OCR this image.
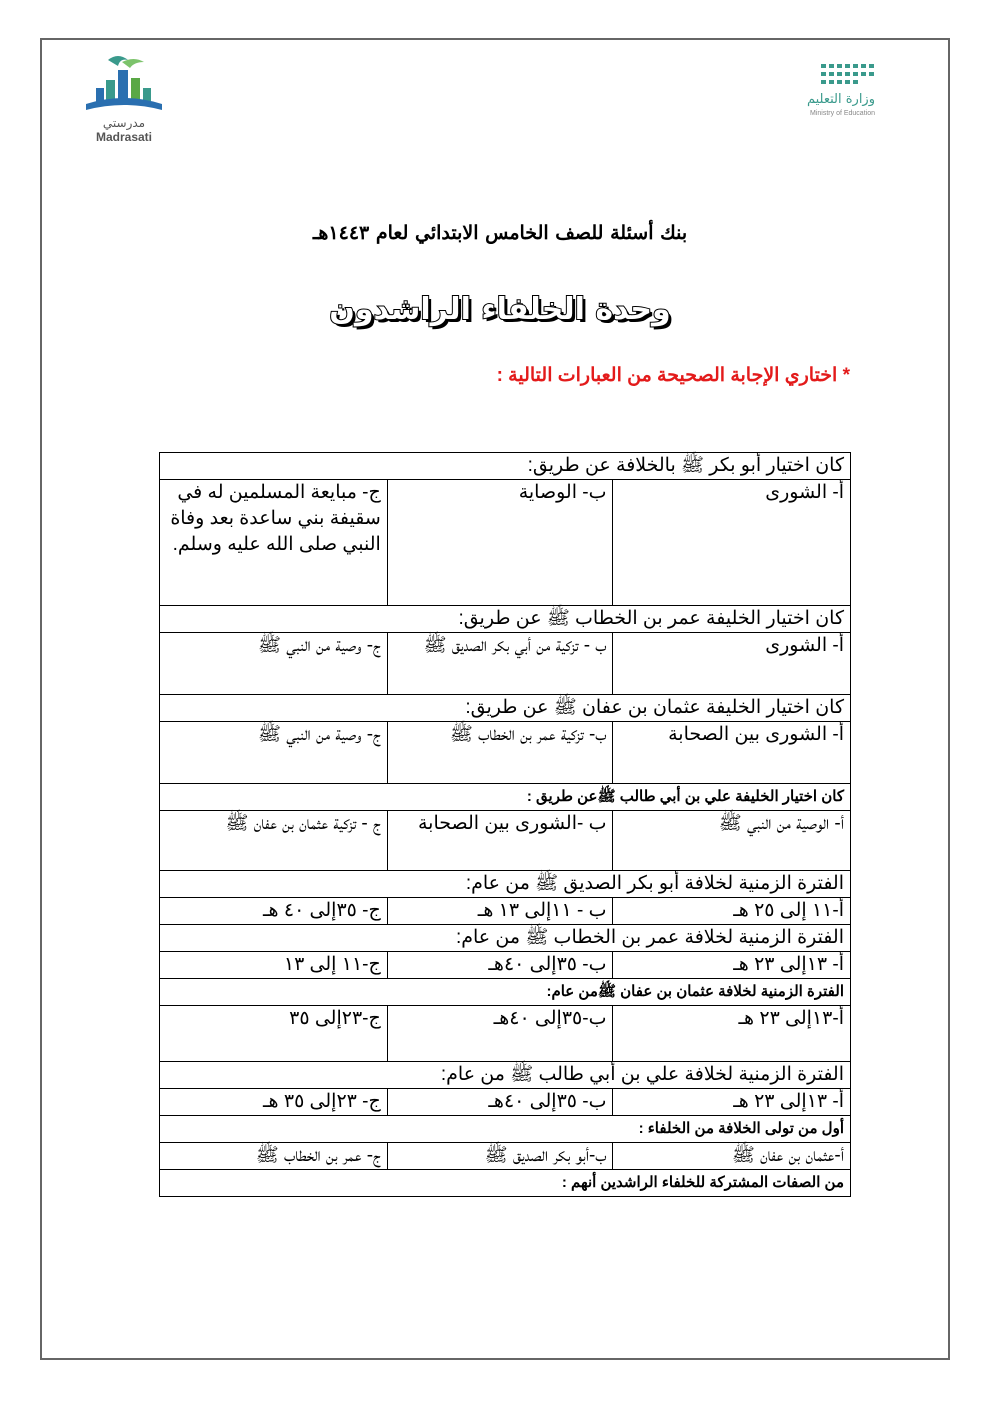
مدرستي
Madrasati
وزارة التعليم
Ministry of Education
بنك أسئلة للصف الخامس الابتدائي لعام ١٤٤٣هـ
وحدة الخلفاء الراشدون
* اختاري الإجابة الصحيحة من العبارات التالية :
كان اختيار أبو بكر ﷺ بالخلافة عن طريق:		
أ- الشورى	ب- الوصاية	ج- مبايعة المسلمين له في سقيفة بني ساعدة بعد وفاة النبي صلى الله عليه وسلم.
كان اختيار الخليفة عمر بن الخطاب ﷺ عن طريق:		
أ- الشورى	ب - تزكية من أبي بكر الصديق ﷺ	ج- وصية من النبي ﷺ
كان اختيار الخليفة عثمان بن عفان ﷺ عن طريق:		
أ- الشورى بين الصحابة	ب- تزكية عمر بن الخطاب ﷺ	ج- وصية من النبي ﷺ
كان اختيار الخليفة علي بن أبي طالب ﷺعن طريق :		
أ- الوصية من النبي ﷺ	ب -الشورى بين الصحابة	ج - تزكية عثمان بن عفان ﷺ
الفترة الزمنية لخلافة أبو بكر الصديق ﷺ من عام:		
أ-١١ إلى ٢٥ هـ	ب - ١١إلى ١٣ هـ	ج- ٣٥إلى ٤٠ هـ
الفترة الزمنية لخلافة عمر بن الخطاب ﷺ من عام:		
أ- ١٣إلى ٢٣ هـ	ب- ٣٥إلى ٤٠هـ	ج-١١ إلى ١٣
الفترة الزمنية لخلافة عثمان بن عفان ﷺمن عام:		
أ-١٣إلى ٢٣ هـ	ب-٣٥إلى ٤٠هـ	ج-٢٣إلى ٣٥
الفترة الزمنية لخلافة علي بن أبي طالب ﷺ من عام:		
أ- ١٣إلى ٢٣ هـ	ب- ٣٥إلى ٤٠هـ	ج- ٢٣إلى ٣٥ هـ
أول من تولى الخلافة من الخلفاء :		
أ-عثمان بن عفان ﷺ	ب-أبو بكر الصديق ﷺ	ج- عمر بن الخطاب ﷺ
من الصفات المشتركة للخلفاء الراشدين أنهم :		
